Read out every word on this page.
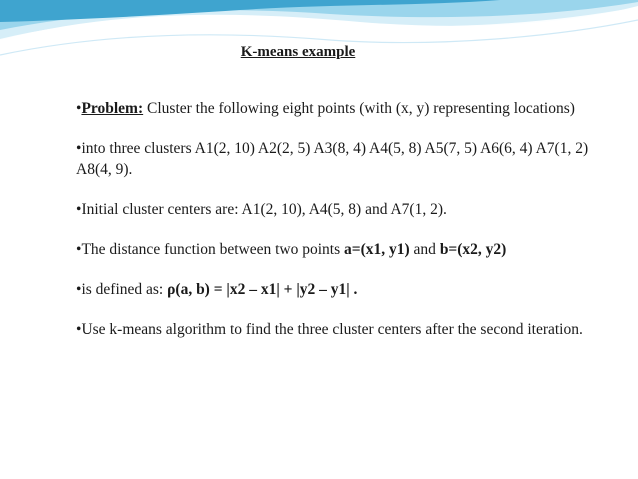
K-means example

•Problem: Cluster the following eight points (with (x, y) representing locations)

•into three clusters A1(2, 10) A2(2, 5) A3(8, 4) A4(5, 8) A5(7, 5) A6(6, 4) A7(1, 2) A8(4, 9).

•Initial cluster centers are: A1(2, 10), A4(5, 8) and A7(1, 2).

•The distance function between two points a=(x1, y1) and b=(x2, y2)

•is defined as: ρ(a, b) = |x2 – x1| + |y2 – y1| .

•Use k-means algorithm to find the three cluster centers after the second iteration.
